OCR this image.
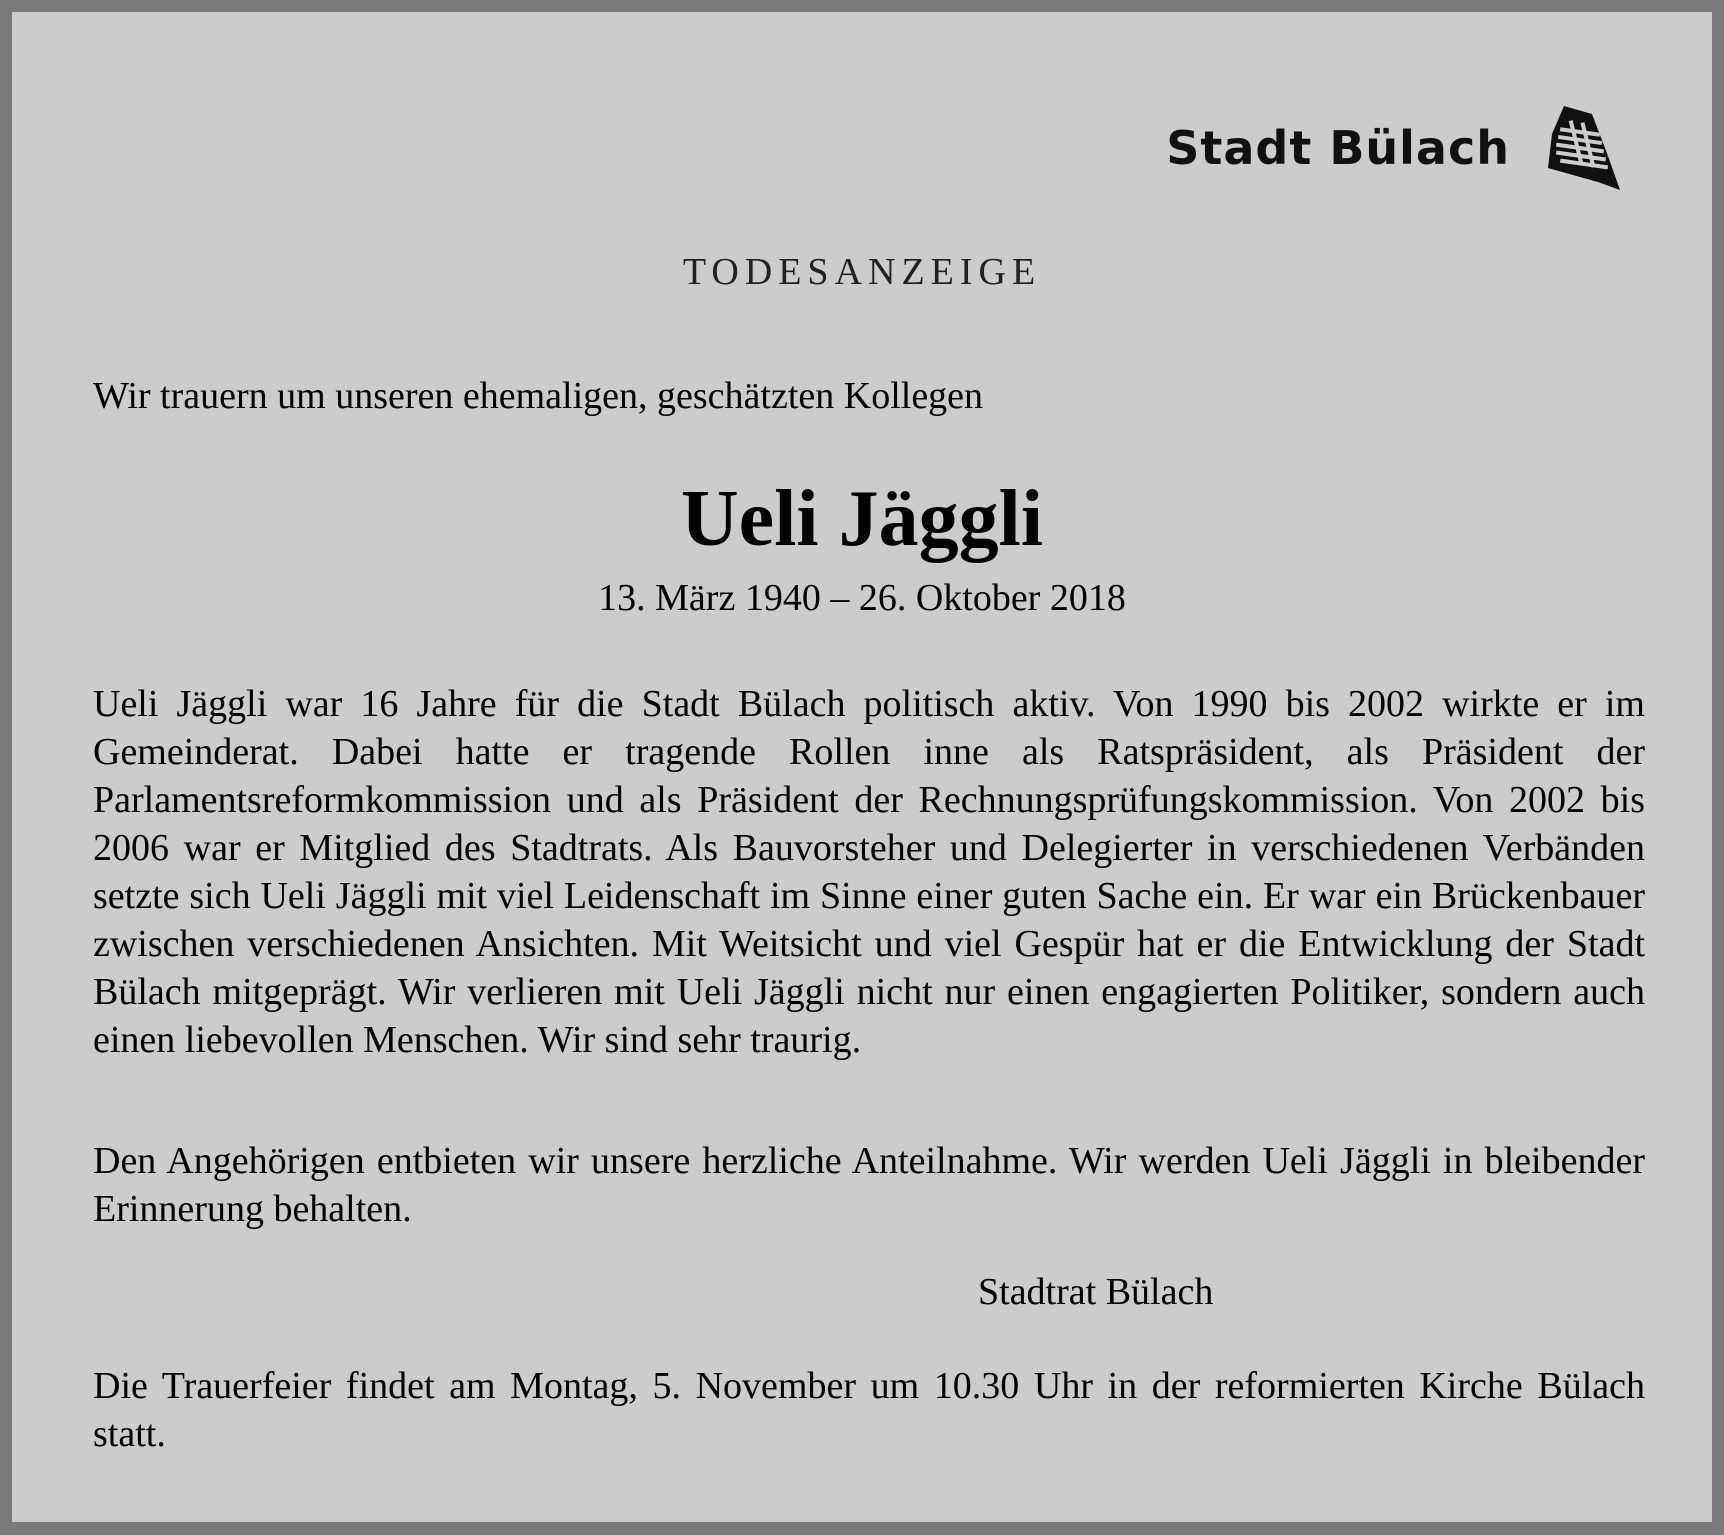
Stadt Bülach
TODESANZEIGE
Wir trauern um unseren ehemaligen, geschätzten Kollegen
Ueli Jäggli
13. März 1940 – 26. Oktober 2018

Ueli Jäggli war 16 Jahre für die Stadt Bülach politisch aktiv. Von 1990 bis 2002 wirkte er im Gemeinderat. Dabei hatte er tragende Rollen inne als Ratspräsident, als Präsident der Parlamentsreformkommission und als Präsident der Rechnungsprüfungskommission. Von 2002 bis 2006 war er Mitglied des Stadtrats. Als Bauvorsteher und Delegierter in verschiedenen Verbänden setzte sich Ueli Jäggli mit viel Leidenschaft im Sinne einer guten Sache ein. Er war ein Brückenbauer zwischen verschiedenen Ansichten. Mit Weitsicht und viel Gespür hat er die Entwicklung der Stadt Bülach mitgeprägt. Wir verlieren mit Ueli Jäggli nicht nur einen engagierten Politiker, sondern auch einen liebevollen Menschen. Wir sind sehr traurig.

Den Angehörigen entbieten wir unsere herzliche Anteilnahme. Wir werden Ueli Jäggli in bleibender Erinnerung behalten.

Stadtrat Bülach

Die Trauerfeier findet am Montag, 5. November um 10.30 Uhr in der reformierten Kirche Bülach statt.
